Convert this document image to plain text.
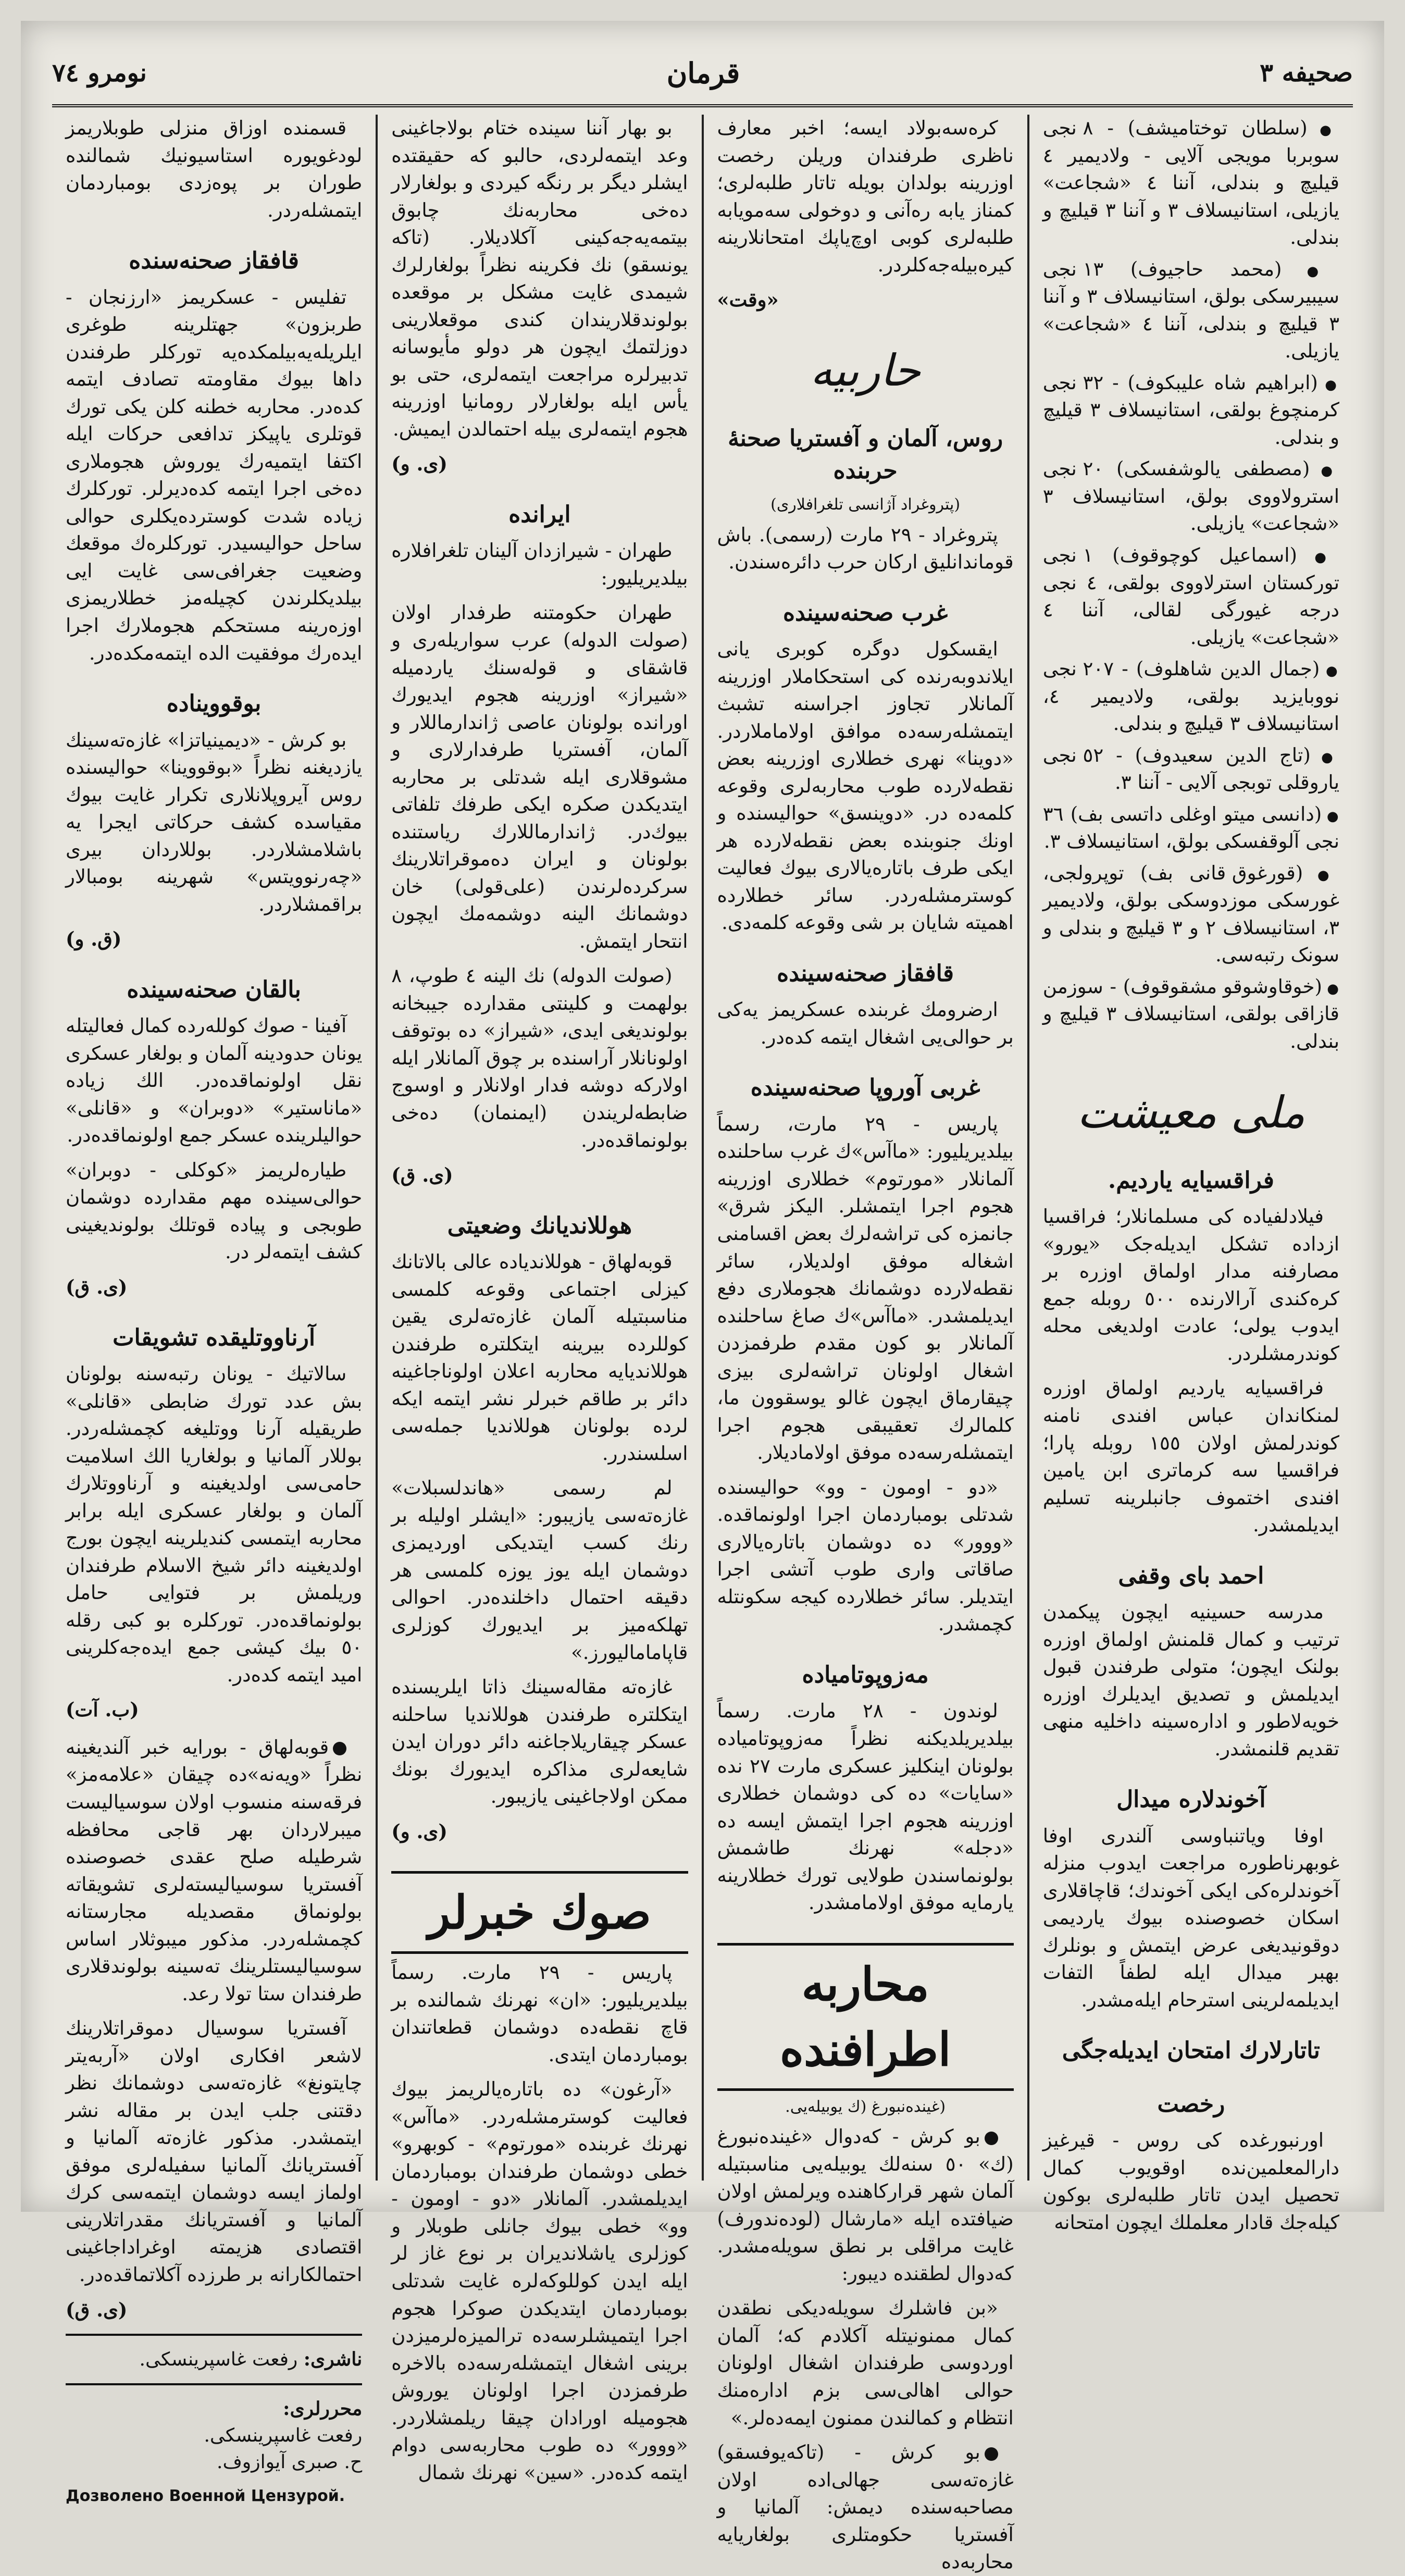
صحيفه ۳
قرمان
نومرو ٧٤
● (سلطان توختامیشف) - ٨ نجی سوبربا مویجی آلایی - ولادیمیر ٤ قیلیچ و بندلی، آننا ٤ «شجاعت» یازیلی، استانیسلاف ۳ و آننا ۳ قیلیچ و بندلی.
● (محمد حاجیوف) ۱۳ نجی سیبیرسکی بولق، استانیسلاف ۳ و آننا ۳ قیلیچ و بندلی، آننا ٤ «شجاعت» یازیلی.
● (ابراهیم شاه علیبکوف) - ۳۲ نجی کرمنچوغ بولقی، استانیسلاف ۳ قیلیچ و بندلی.
● (مصطفی یالوشفسکی) ۲۰ نجی استرولاووی بولق، استانیسلاف ۳ «شجاعت» یازیلی.
● (اسماعیل کوچوقوف) ۱ نجی تورکستان استرلاووی بولقی، ٤ نجی درجه غیورگی لقالی، آننا ٤ «شجاعت» یازیلی.
● (جمال الدین شاهلوف) - ۲۰۷ نجی نووبایزید بولقی، ولادیمیر ٤، استانیسلاف ۳ قیلیچ و بندلی.
● (تاج الدین سعیدوف) - ٥۲ نجی یاروقلی توبجی آلایی - آننا ۳.
● (دانسی میتو اوغلی داتسی بف) ۳٦ نجی آلوقفسکی بولق، استانیسلاف ۳.
● (قورغوق قانی بف) توپرولجی، غورسکی موزدوسکی بولق، ولادیمیر ۳، استانیسلاف ۲ و ۳ قیلیچ و بندلی و سونک رتبه‌سی.
● (خوقاوشوقو مشقوقوف) - سوزمن قازاقی بولقی، استانیسلاف ۳ قیلیچ و بندلی.
ملی معیشت
فراقسیایه یاردیم.

فیلادلفیاده کی مسلمانلار؛ فراقسیا ازداده تشکل ایدیله‌جک «یورو» مصارفنه مدار اولماق اوزره بر کره‌کندی آرالارنده ٥٠٠ روبله جمع ایدوب یولی؛ عادت اولدیغی محله کوندرمشلردر.

فراقسیایه یاردیم اولماق اوزره لمنکاندان عباس افندی نامنه کوندرلمش اولان ۱٥٥ روبله پارا؛ فراقسیا سه کرماتری ابن یامین افندی اختموف جانبلرینه تسلیم ایدیلمشدر.

احمد بای وقفی

مدرسه حسینیه ایچون پیکمدن ترتیب و کمال قلمنش اولماق اوزره بولنک ایچون؛ متولی طرفندن قبول ایدیلمش و تصدیق ایدیلرك اوزره خویه‌لاطور و اداره‌سینه داخلیه منهی تقدیم قلنمشدر.

آخوندلاره میدال

اوفا ویاتنباوسی آلندری اوفا غوبهرناطوره مراجعت ایدوب منزله آخوندلره‌کی ایکی آخوندك؛ قاچاقلاری اسکان خصوصنده بیوك یاردیمی دوقونیدیغی عرض ایتمش و بونلرك بهبر میدال ایله لطفاً التفات ایدیلمه‌لرینی استرحام ایله‌مشدر.

تاتارلارك امتحان ایدیله‌جگی
رخصت

اورنبورغده کی روس - قیرغیز دارالمعلمین‌نده اوقویوب کمال تحصیل ایدن تاتار طلبه‌لری بوکون کیله‌جك قادار معلملك ایچون امتحانه

کره‌سه‌بولاد ایسه؛ اخبر معارف ناظری طرفندان وریلن رخصت اوزرینه بولدان بویله تاتار طلبه‌لری؛ کمناز یابه ره‌آنی و دوخولی سه‌مویابه طلبه‌لری کوبی اوچ‌یاپك امتحانلارینه کیره‌بیله‌جه‌کلردر.

«وقت»
حاربیه
روس، آلمان و آفستریا صحنهٔ حربنده
(پتروغراد آژانسی تلغرافلاری)

پتروغراد - ۲۹ مارت (رسمی). باش قوماندانلیق ارکان حرب دائره‌سندن.

غرب صحنه‌سینده

ایقسکول دوگره کوبری یانی ایلاندوبه‌رنده کی استحکاملار اوزرینه آلمانلار تجاوز اجراسنه تشبث ایتمشله‌رسه‌ده موافق اولاماملاردر. «دوینا» نهری خطلاری اوزرینه بعض نقطه‌لارده طوب محاربه‌لری وقوعه کلمه‌ده در. «دوینسق» حوالیسنده و اونك جنوبنده بعض نقطه‌لارده هر ایکی طرف باتاره‌یالاری بیوك فعالیت کوسترمشله‌ردر. سائر خطلارده اهمیته شایان بر شی وقوعه کلمه‌دی.

قافقاز صحنه‌سینده

ارضرومك غربنده عسکریمز یه‌کی بر حوالی‌یی اشغال ایتمه کده‌در.

غربی آوروپا صحنه‌سینده

پاریس - ۲۹ مارت، رسماً بیلدیریلیور: «ماآس»ك غرب ساحلنده آلمانلار «مورتوم» خطلاری اوزرینه هجوم اجرا ایتمشلر. الیکز شرق» جانمزه کی تراشه‌لرك بعض اقسامنی اشغاله موفق اولدیلار، سائر نقطه‌لارده دوشمانك هجوملاری دفع ایدیلمشدر. «ماآس»ك صاغ ساحلنده آلمانلار بو کون مقدم طرفمزدن اشغال اولونان تراشه‌لری بیزی چیقارماق ایچون غالو یوسقوون ما، کلمالرك تعقیبقی هجوم اجرا ایتمشله‌رسه‌ده موفق اولامادیلار.

«دو - اومون - وو» حوالیسنده شدتلی بومباردمان اجرا اولونماقده. «ووور» ده دوشمان باتاره‌یالاری صاقاتی واری طوب آتشی اجرا ایتدیلر. سائر خطلارده کیجه سکونتله کچمشدر.

مه‌زوپوتامیاده

لوندون - ۲۸ مارت. رسماً بیلدیریلدیکنه نظراً مه‌زوپوتامیاده بولونان اینکلیز عسکری مارت ۲۷ نده «سایات» ده کی دوشمان خطلاری اوزرینه هجوم اجرا ایتمش ایسه ده «دجله» نهرنك طاشمش بولونماسندن طولایی تورك خطلارینه یارمایه موفق اولامامشدر.

محاربه اطرافنده
(غینده‌نبورغ (ك يوبيله‌يی.

بو کرش - که‌دوال «غینده‌نبورغ (ك» ٥٠ سنه‌لك یوبیله‌یی مناسبتیله آلمان شهر قرارکاهنده ویرلمش اولان ضیافتده ایله «مارشال (لوده‌ندورف) غایت مراقلی بر نطق سویله‌مشدر. که‌دوال لطقنده دیبور:

«بن فاشلرك سویله‌دیکی نطقدن کمال ممنونیتله آکلادم که؛ آلمان اوردوسی طرفندان اشغال اولونان حوالی اهالی‌سی بزم اداره‌منك انتظام و کمالندن ممنون ایمه‌ده‌لر.»

بو کرش - (تاکه‌یوفسقو) غازه‌ته‌سی جهالی‌اده اولان مصاحبه‌سنده دیمش: آلمانیا و آفستریا حکومتلری بولغاریایه محاربه‌ده

بو بهار آننا سینده ختام بولاجاغینی وعد ایتمه‌لردی، حالبو که حقیقتده ایشلر دیگر بر رنگه کیردی و بولغارلار ده‌خی محاربه‌نك چابوق بیتمه‌یه‌جه‌کینی آکلادیلار. (تاکه یونسقو) نك فکرینه نظراً بولغارلرك شیمدی غایت مشکل بر موقعده بولوندقلاریندان کندی موقعلارینی دوزلتمك ایچون هر دولو مأیوسانه تدبیرلره مراجعت ایتمه‌لری، حتی بو یأس ایله بولغارلار رومانیا اوزرینه هجوم ایتمه‌لری بیله احتمالدن ایمیش.

(ی. و)
ایرانده

طهران - شیرازدان آلینان تلغرافلاره بیلدیریلیور:

طهران حکومتنه طرفدار اولان (صولت الدوله) عرب سواریله‌ری و قاشقای و قوله‌سنك یاردمیله «شیراز» اوزرینه هجوم ایدیورك اورانده بولونان عاصی ژاندارماللار و آلمان، آفستریا طرفدارلاری و مشوقلاری ایله شدتلی بر محاربه ایتدیکدن صکره ایکی طرفك تلفاتی بیوك‌در. ژاندارماللارك ریاستنده بولونان و ایران ده‌موقراتلارینك سرکرده‌لرندن (علی‌قولی) خان دوشمانك الینه دوشمه‌مك ایچون انتحار ایتمش.

(صولت الدوله) نك الینه ٤ طوپ، ٨ بولهمت و کلینتی مقدارده جیبخانه بولوندیغی ایدی، «شیراز» ده بوتوقف اولونانلار آراسنده بر چوق آلمانلار ایله اولارکه دوشه فدار اولانلار و اوسوج ضابطه‌لریندن (ایمنمان) ده‌خی بولونماقده‌در.

(ی. ق)
هوللاندیانك وضعیتی

قوبه‌لهاق - هوللاندیاده عالی بالاتانك کیزلی اجتماعی وقوعه کلمسی مناسبتیله آلمان غازه‌ته‌لری یقین کوللرده بیرینه ایتکلتره طرفندن هوللاندیایه محاربه اعلان اولوناجاغینه دائر بر طاقم خبرلر نشر ایتمه ایکه لرده بولونان هوللاندیا جمله‌سی اسلسندرر.

لم رسمی «هاندلسبلات» غازه‌ته‌سی یازیبور: «ایشلر اولیله بر رنك کسب ایتدیکی اوردیمزی دوشمان ایله یوز یوزه کلمسی هر دقیقه احتمال داخلنده‌در. احوالی تهلکه‌میز بر ایدیورك کوزلری قاپامامالیورز.»

غازه‌ته مقاله‌سینك ذاتا ایلریسنده ایتکلتره طرفندن هوللاندیا ساحلنه عسکر چیقاریلاجاغنه دائر دوران ایدن شایعه‌لری مذاکره ایدیورك بونك ممکن اولاجاغینی یازیبور.

(ی. و)
صوك خبرلر

پاریس - ۲۹ مارت. رسماً بیلدیریلیور: «ان» نهرنك شمالنده بر قاچ نقطه‌ده دوشمان قطعاتندان بومباردمان ایتدی.

«آرغون» ده باتاره‌یالریمز بیوك فعالیت کوسترمشله‌ردر. «ماآس» نهرنك غربنده «مورتوم» - کوبهرو» خطی دوشمان طرفندان بومباردمان ایدیلمشدر. آلمانلار «دو - اومون - وو» خطی بیوك جانلی طوبلار و کوزلری یاشلاندیران بر نوع غاز لر ایله ایدن کوللوکه‌لره غایت شدتلی بومباردمان ایتدیکدن صوکرا هجوم اجرا ایتمیشلرسه‌ده ترالمیزه‌لرمیزدن برینی اشغال ایتمشله‌رسه‌ده بالاخره طرفمزدن اجرا اولونان یوروش هجومیله اورادان چیقا ریلمشلاردر. «ووور» ده طوب محاربه‌سی دوام ایتمه کده‌در. «سین» نهرنك شمال

قسمنده اوزاق منزلی طوبلاریمز لودغویوره استاسیونیك شمالنده طوران بر پوه‌زدی بومباردمان ایتمشله‌ردر.

قافقاز صحنه‌سنده

تفلیس - عسکریمز «ارزنجان - طربزون» جهتلرینه طوغری ایلریله‌یه‌بیلمکده‌یه تورکلر طرفندن داها بیوك مقاومته تصادف ایتمه کده‌در. محاربه خطنه کلن یکی تورك قوتلری یاپیکز تدافعی حرکات ایله اکتفا ایتمیه‌رك یوروش هجوملاری ده‌خی اجرا ایتمه کده‌دیرلر. تورکلرك زیاده شدت کوسترده‌یکلری حوالی ساحل حوالیسیدر. تورکلره‌ك موقعك وضعیت جغرافی‌سی غایت ایی بیلدیکلرندن کچیله‌مز خطلاریمزی اوزه‌رینه مستحکم هجوملارك اجرا ایده‌رك موفقیت الده ایتمه‌مکده‌در.

بوقوویناده

بو کرش - «دیمینیاتزا» غازه‌ته‌سینك یازدیغنه نظراً «بوقووینا» حوالیسنده روس آیروپلانلاری تکرار غایت بیوك مقیاسده کشف حرکاتی ایجرا یه باشلامشلاردر. بوللاردان بیری «چه‌رنوویتس» شهرینه بومبالار براقمشلاردر.

(ق. و)
بالقان صحنه‌سینده

آفینا - صوك کولله‌رده کمال فعالیتله یونان حدودینه آلمان و بولغار عسکری نقل اولونماقده‌در. الك زیاده «ماناستیر» «دوبران» و «قانلی» حوالیلرینده عسکر جمع اولونماقده‌در.

طیاره‌لریمز «کوکلی - دوبران» حوالی‌سینده مهم مقدارده دوشمان طوبجی و پیاده قوتلك بولوندیغینی کشف ایتمه‌لر در.

(ی. ق)
آرناووتلیقده تشویقات

سالاتیك - یونان رتبه‌سنه بولونان بش عدد تورك ضابطی «قانلی» طریقیله آرنا ووتلیغه کچمشله‌ردر. بوللار آلمانیا و بولغاریا الك اسلامیت حامی‌سی اولدیغینه و آرناووتلارك آلمان و بولغار عسکری ایله برابر محاربه ایتمسی کندیلرینه ایچون بورج اولدیغینه دائر شیخ الاسلام طرفندان وریلمش بر فتوایی حامل بولونماقده‌در. تورکلره بو کبی رقله ٥٠ بیك کیشی جمع ایده‌جه‌کلرینی امید ایتمه کده‌در.

(ب. آت)

قوبه‌لهاق - بورایه خبر آلندیغینه نظراً «ویه‌نه»ده چیقان «علامه‌مز» فرقه‌سنه منسوب اولان سوسیالیست میبرلاردان بهر قاجی محافظه شرطیله صلح عقدی خصوصنده آفستریا سوسیالیسته‌لری تشویقاته بولونماق مقصدیله مجارستانه کچمشله‌ردر. مذکور میبوثلار اساس سوسیالیستلرینك ته‌سینه بولوندقلاری طرفندان ستا تولا رعد.

آفستریا سوسیال دموقراتلارینك لاشعر افکاری اولان «آربه‌یتر چایتونغ» غازه‌ته‌سی دوشمانك نظر دقتنی جلب ایدن بر مقاله نشر ایتمشدر. مذکور غازه‌ته آلمانیا و آفستریانك آلمانیا سفیله‌لری موفق اولماز ایسه دوشمان ایتمه‌سی کرك آلمانیا و آفستریانك مقدراتلارینی اقتصادی هزیمته اوغراداجاغینی احتمالکارانه بر طرزده آکلاتماقده‌در.

(ی. ق)
ناشری: رفعت غاسپرینسکی.
محررلری:
رفعت غاسپرینسکی.
ح. صبری آیوازوف.
Дозволено Военной Цензурой.
